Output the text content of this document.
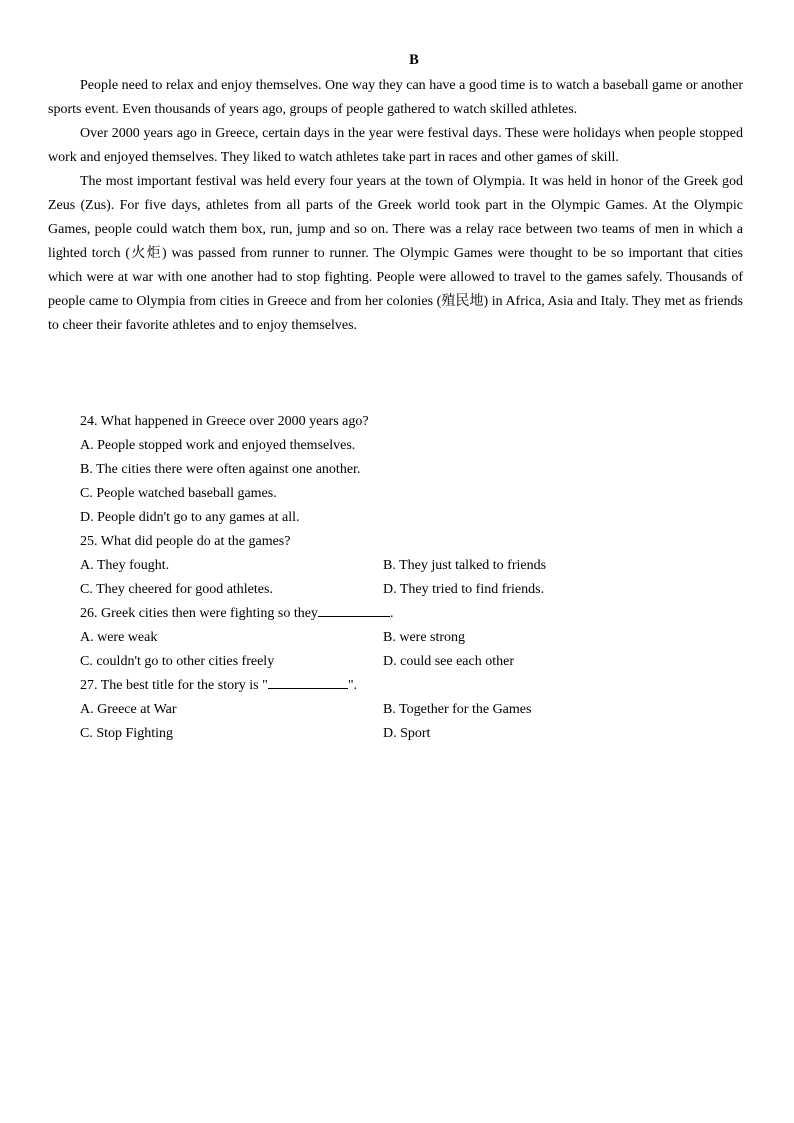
B

People need to relax and enjoy themselves. One way they can have a good time is to watch a baseball game or another sports event. Even thousands of years ago, groups of people gathered to watch skilled athletes.

Over 2000 years ago in Greece, certain days in the year were festival days. These were holidays when people stopped work and enjoyed themselves. They liked to watch athletes take part in races and other games of skill.

The most important festival was held every four years at the town of Olympia. It was held in honor of the Greek god Zeus (Zus). For five days, athletes from all parts of the Greek world took part in the Olympic Games. At the Olympic Games, people could watch them box, run, jump and so on. There was a relay race between two teams of men in which a lighted torch (火炬) was passed from runner to runner. The Olympic Games were thought to be so important that cities which were at war with one another had to stop fighting. People were allowed to travel to the games safely. Thousands of people came to Olympia from cities in Greece and from her colonies (殖民地) in Africa, Asia and Italy. They met as friends to cheer their favorite athletes and to enjoy themselves.

24. What happened in Greece over 2000 years ago?
A. People stopped work and enjoyed themselves.
B. The cities there were often against one another.
C. People watched baseball games.
D. People didn't go to any games at all.
25. What did people do at the games?
A. They fought.	B. They just talked to friends
C. They cheered for good athletes.	D. They tried to find friends.
26. Greek cities then were fighting so they	.
A. were weak	B. were strong
C. couldn't go to other cities freely	D. could see each other
27. The best title for the story is "	".
A. Greece at War	B. Together for the Games
C. Stop Fighting	D. Sport
